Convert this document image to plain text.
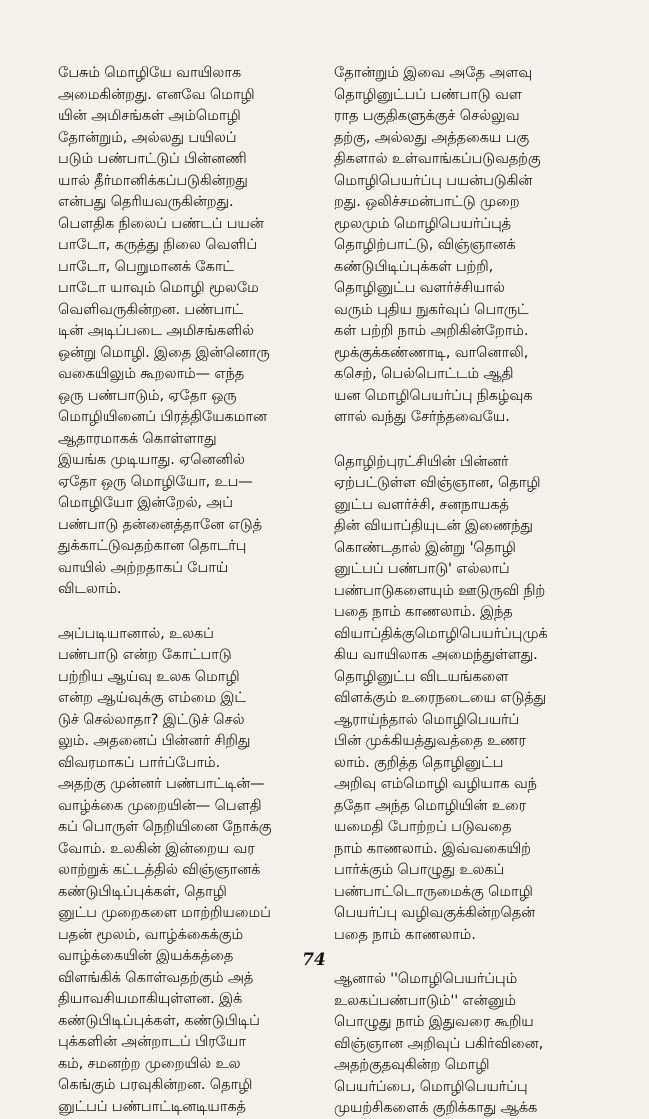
பேசும் மொழியே வாயிலாக
அமைகின்றது. எனவே மொழி
யின் அமிசங்கள் அம்மொழி
தோன்றும், அல்லது பயிலப்
படும் பண்பாட்டுப் பின்னணி
யால் தீர்மானிக்கப்படுகின்றது
என்பது தெரியவருகின்றது.
பௌதிக நிலைப் பண்டப் பயன்
பாடோ, கருத்து நிலை வெளிப்
பாடோ, பெறுமானக் கோட்
பாடோ யாவும் மொழி மூலமே
வெளிவருகின்றன. பண்பாட்
டின் அடிப்படை அமிசங்களில்
ஒன்று மொழி. இதை இன்னொரு
வகையிலும் கூறலாம்— எந்த
ஒரு பண்பாடும், ஏதோ ஒரு
மொழியினைப் பிரத்தியேகமான
ஆதாரமாகக் கொள்ளாது
இயங்க முடியாது. ஏனெனில்
ஏதோ ஒரு மொழியோ, உப—
மொழியோ இன்றேல், அப்
பண்பாடு தன்னைத்தானே எடுத்
துக்காட்டுவதற்கான தொடர்பு
வாயில் அற்றதாகப் போய்
விடலாம்.
அப்படியானால், உலகப்
பண்பாடு என்ற கோட்பாடு
பற்றிய ஆய்வு உலக மொழி
என்ற ஆய்வுக்கு எம்மை இட்
டுச் செல்லாதா? இட்டுச் செல்
லும். அதனைப் பின்னர் சிறிது
விவரமாகப் பார்ப்போம்.
அதற்கு முன்னர் பண்பாட்டின்—
வாழ்க்கை முறையின்— பௌதி
கப் பொருள் நெறியினை நோக்கு
வோம். உலகின் இன்றைய வர
லாற்றுக் கட்டத்தில் விஞ்ஞானக்
கண்டுபிடிப்புக்கள், தொழி
னுட்ப முறைகளை மாற்றியமைப்
பதன் மூலம், வாழ்க்கைக்கும்
வாழ்க்கையின் இயக்கத்தை
விளங்கிக் கொள்வதற்கும் அத்
தியாவசியமாகியுள்ளன. இக்
கண்டுபிடிப்புக்கள், கண்டுபிடிப்
புக்களின் அன்றாடப் பிரயோ
கம், சமனற்ற முறையில் உல
கெங்கும் பரவுகின்றன. தொழி
னுட்பப் பண்பாட்டினடியாகத்
தோன்றும் இவை அதே அளவு
தொழினுட்பப் பண்பாடு வள
ராத பகுதிகளுக்குச் செல்லுவ
தற்கு, அல்லது அத்தகைய பகு
திகளால் உள்வாங்கப்படுவதற்கு
மொழிபெயர்ப்பு பயன்படுகின்
றது. ஒலிச்சமன்பாட்டு முறை
மூலமும் மொழிபெயர்ப்புத்
தொழிற்பாட்டு, விஞ்ஞானக்
கண்டுபிடிப்புக்கள் பற்றி,
தொழினுட்ப வளர்ச்சியால்
வரும் புதிய நுகர்வுப் பொருட்
கள் பற்றி நாம் அறிகின்றோம்.
மூக்குக்கண்ணாடி, வானொலி,
கசெற், பெல்பொட்டம் ஆதி
யன மொழிபெயர்ப்பு நிகழ்வுக
ளால் வந்து சேர்ந்தவையே.
தொழிற்புரட்சியின் பின்னர்
ஏற்பட்டுள்ள விஞ்ஞான, தொழி
னுட்ப வளர்ச்சி, சனநாயகத்
தின் வியாப்தியுடன் இணைந்து
கொண்டதால் இன்று 'தொழி
னுட்பப் பண்பாடு' எல்லாப்
பண்பாடுகளையும் ஊடுருவி நிற்
பதை நாம் காணலாம். இந்த
வியாப்திக்குமொழிபெயர்ப்புமுக்
கிய வாயிலாக அமைந்துள்ளது.
தொழினுட்ப விடயங்களை
விளக்கும் உரைநடையை எடுத்து
ஆராய்ந்தால் மொழிபெயர்ப்
பின் முக்கியத்துவத்தை உணர
லாம். குறித்த தொழினுட்ப
அறிவு எம்மொழி வழியாக வந்
ததோ அந்த மொழியின் உரை
யமைதி போற்றப் படுவதை
நாம் காணலாம். இவ்வகையிற்
பார்க்கும் பொழுது உலகப்
பண்பாட்டொருமைக்கு மொழி
பெயர்ப்பு வழிவகுக்கின்றதென்
பதை நாம் காணலாம்.
ஆனால் ''மொழிபெயர்ப்பும்
உலகப்பண்பாடும்'' என்னும்
பொழுது நாம் இதுவரை கூறிய
விஞ்ஞான அறிவுப் பகிர்வினை,
அதற்குதவுகின்ற மொழி
பெயர்ப்பை, மொழிபெயர்ப்பு
முயற்சிகளைக் குறிக்காது ஆக்க
74
